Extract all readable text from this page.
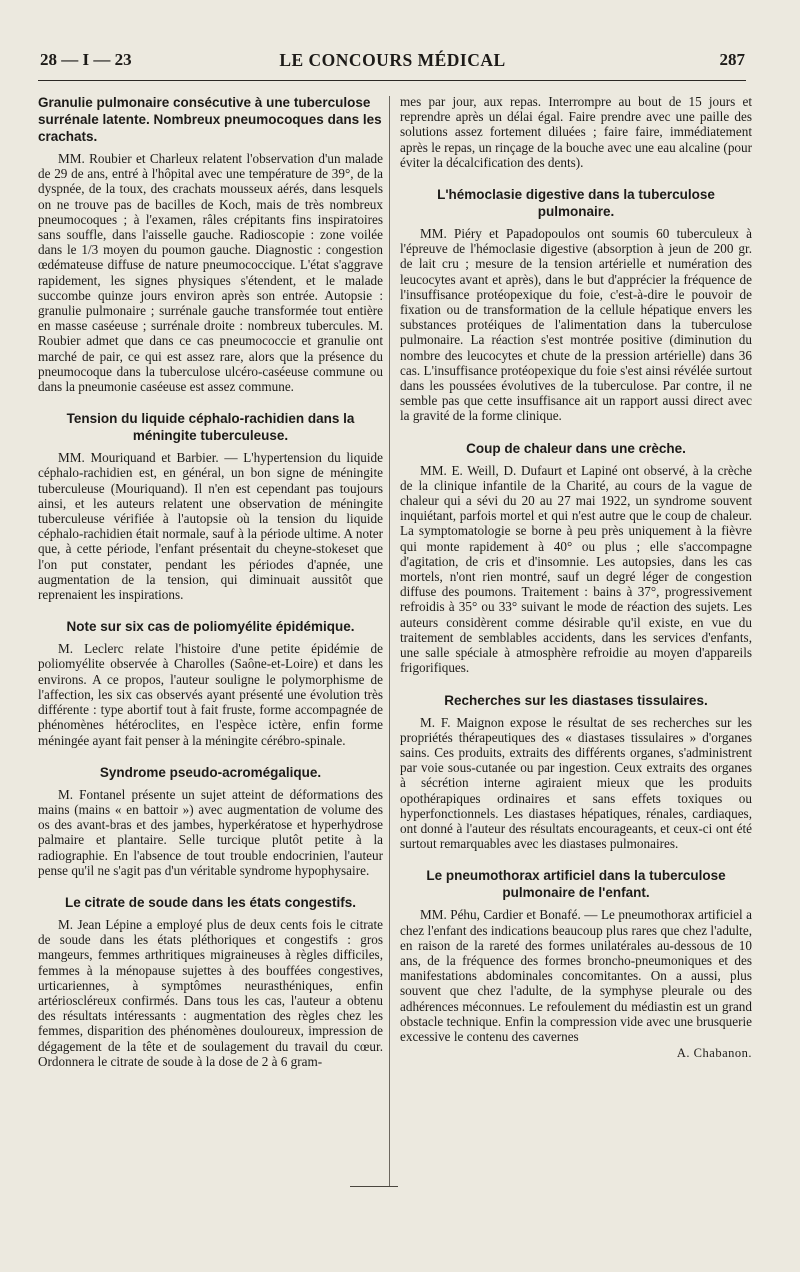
28 — I — 23	LE CONCOURS MÉDICAL	287
Granulie pulmonaire consécutive à une tuberculose surrénale latente. Nombreux pneumocoques dans les crachats.

MM. Roubier et Charleux relatent l'observation d'un malade de 29 de ans, entré à l'hôpital avec une température de 39°, de la dyspnée, de la toux, des crachats mousseux aérés, dans lesquels on ne trouve pas de bacilles de Koch, mais de très nombreux pneumocoques ; à l'examen, râles crépitants fins inspiratoires sans souffle, dans l'aisselle gauche. Radioscopie : zone voilée dans le 1/3 moyen du poumon gauche. Diagnostic : congestion œdémateuse diffuse de nature pneumococcique. L'état s'aggrave rapidement, les signes physiques s'étendent, et le malade succombe quinze jours environ après son entrée. Autopsie : granulie pulmonaire ; surrénale gauche transformée tout entière en masse caséeuse ; surrénale droite : nombreux tubercules. M. Roubier admet que dans ce cas pneumococcie et granulie ont marché de pair, ce qui est assez rare, alors que la présence du pneumocoque dans la tuberculose ulcéro-caséeuse commune ou dans la pneumonie caséeuse est assez commune.

Tension du liquide céphalo-rachidien dans la méningite tuberculeuse.

MM. Mouriquand et Barbier. — L'hypertension du liquide céphalo-rachidien est, en général, un bon signe de méningite tuberculeuse (Mouriquand). Il n'en est cependant pas toujours ainsi, et les auteurs relatent une observation de méningite tuberculeuse vérifiée à l'autopsie où la tension du liquide céphalo-rachidien était normale, sauf à la période ultime. A noter que, à cette période, l'enfant présentait du cheyne-stokeset que l'on put constater, pendant les périodes d'apnée, une augmentation de la tension, qui diminuait aussitôt que reprenaient les inspirations.

Note sur six cas de poliomyélite épidémique.

M. Leclerc relate l'histoire d'une petite épidémie de poliomyélite observée à Charolles (Saône-et-Loire) et dans les environs. A ce propos, l'auteur souligne le polymorphisme de l'affection, les six cas observés ayant présenté une évolution très différente : type abortif tout à fait fruste, forme accompagnée de phénomènes hétéroclites, en l'espèce ictère, enfin forme méningée ayant fait penser à la méningite cérébro-spinale.

Syndrome pseudo-acromégalique.

M. Fontanel présente un sujet atteint de déformations des mains (mains « en battoir ») avec augmentation de volume des os des avant-bras et des jambes, hyperkératose et hyperhydrose palmaire et plantaire. Selle turcique plutôt petite à la radiographie. En l'absence de tout trouble endocrinien, l'auteur pense qu'il ne s'agit pas d'un véritable syndrome hypophysaire.

Le citrate de soude dans les états congestifs.

M. Jean Lépine a employé plus de deux cents fois le citrate de soude dans les états pléthoriques et congestifs : gros mangeurs, femmes arthritiques migraineuses à règles difficiles, femmes à la ménopause sujettes à des bouffées congestives, urticariennes, à symptômes neurasthéniques, enfin artérioscléreux confirmés. Dans tous les cas, l'auteur a obtenu des résultats intéressants : augmentation des règles chez les femmes, disparition des phénomènes douloureux, impression de dégagement de la tête et de soulagement du travail du cœur. Ordonnera le citrate de soude à la dose de 2 à 6 gram-

mes par jour, aux repas. Interrompre au bout de 15 jours et reprendre après un délai égal. Faire prendre avec une paille des solutions assez fortement diluées ; faire faire, immédiatement après le repas, un rinçage de la bouche avec une eau alcaline (pour éviter la décalcification des dents).

L'hémoclasie digestive dans la tuberculose pulmonaire.

MM. Piéry et Papadopoulos ont soumis 60 tuberculeux à l'épreuve de l'hémoclasie digestive (absorption à jeun de 200 gr. de lait cru ; mesure de la tension artérielle et numération des leucocytes avant et après), dans le but d'apprécier la fréquence de l'insuffisance protéopexique du foie, c'est-à-dire le pouvoir de fixation ou de transformation de la cellule hépatique envers les substances protéiques de l'alimentation dans la tuberculose pulmonaire. La réaction s'est montrée positive (diminution du nombre des leucocytes et chute de la pression artérielle) dans 36 cas. L'insuffisance protéopexique du foie s'est ainsi révélée surtout dans les poussées évolutives de la tuberculose. Par contre, il ne semble pas que cette insuffisance ait un rapport aussi direct avec la gravité de la forme clinique.

Coup de chaleur dans une crèche.

MM. E. Weill, D. Dufaurt et Lapiné ont observé, à la crèche de la clinique infantile de la Charité, au cours de la vague de chaleur qui a sévi du 20 au 27 mai 1922, un syndrome souvent inquiétant, parfois mortel et qui n'est autre que le coup de chaleur. La symptomatologie se borne à peu près uniquement à la fièvre qui monte rapidement à 40° ou plus ; elle s'accompagne d'agitation, de cris et d'insomnie. Les autopsies, dans les cas mortels, n'ont rien montré, sauf un degré léger de congestion diffuse des poumons. Traitement : bains à 37°, progressivement refroidis à 35° ou 33° suivant le mode de réaction des sujets. Les auteurs considèrent comme désirable qu'il existe, en vue du traitement de semblables accidents, dans les services d'enfants, une salle spéciale à atmosphère refroidie au moyen d'appareils frigorifiques.

Recherches sur les diastases tissulaires.

M. F. Maignon expose le résultat de ses recherches sur les propriétés thérapeutiques des « diastases tissulaires » d'organes sains. Ces produits, extraits des différents organes, s'administrent par voie sous-cutanée ou par ingestion. Ceux extraits des organes à sécrétion interne agiraient mieux que les produits opothérapiques ordinaires et sans effets toxiques ou hyperfonctionnels. Les diastases hépatiques, rénales, cardiaques, ont donné à l'auteur des résultats encourageants, et ceux-ci ont été surtout remarquables avec les diastases pulmonaires.

Le pneumothorax artificiel dans la tuberculose pulmonaire de l'enfant.

MM. Péhu, Cardier et Bonafé. — Le pneumothorax artificiel a chez l'enfant des indications beaucoup plus rares que chez l'adulte, en raison de la rareté des formes unilatérales au-dessous de 10 ans, de la fréquence des formes broncho-pneumoniques et des manifestations abdominales concomitantes. On a aussi, plus souvent que chez l'adulte, de la symphyse pleurale ou des adhérences méconnues. Le refoulement du médiastin est un grand obstacle technique. Enfin la compression vide avec une brusquerie excessive le contenu des cavernes

A. Chabanon.
